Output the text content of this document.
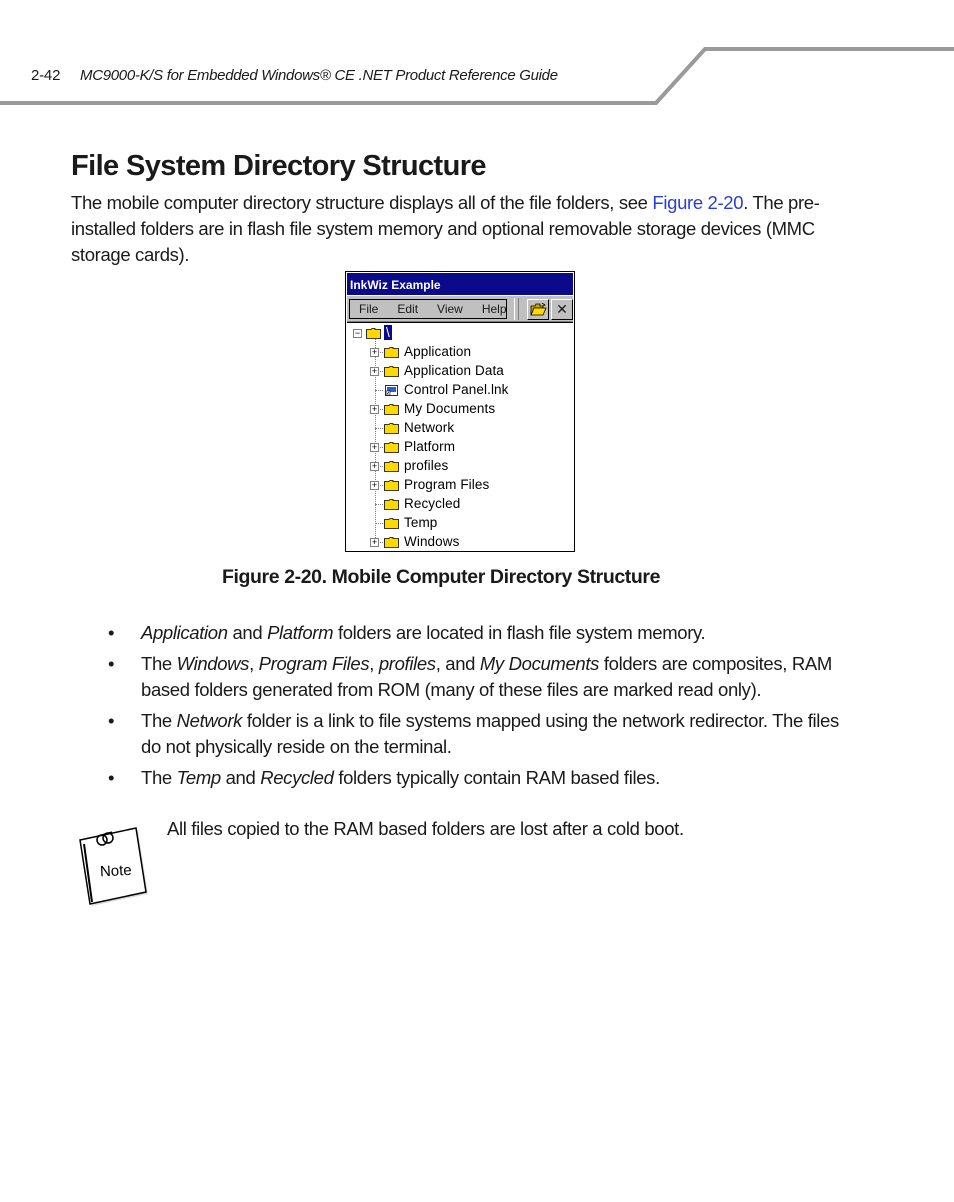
2-42 MC9000-K/S for Embedded Windows® CE .NET Product Reference Guide
File System Directory Structure

The mobile computer directory structure displays all of the file folders, see Figure 2-20. The pre-installed folders are in flash file system memory and optional removable storage devices (MMC storage cards).

InkWiz Example
File	Edit	View	Help	✕
− \
+ Application
+ Application Data
Control Panel.lnk
+ My Documents
Network
+ Platform
+ profiles
+ Program Files
Recycled
Temp
+ Windows
Figure 2-20. Mobile Computer Directory Structure
• Application and Platform folders are located in flash file system memory.
• The Windows, Program Files, profiles, and My Documents folders are composites, RAM based folders generated from ROM (many of these files are marked read only).
• The Network folder is a link to file systems mapped using the network redirector. The files do not physically reside on the terminal.
• The Temp and Recycled folders typically contain RAM based files.
Note
All files copied to the RAM based folders are lost after a cold boot.
